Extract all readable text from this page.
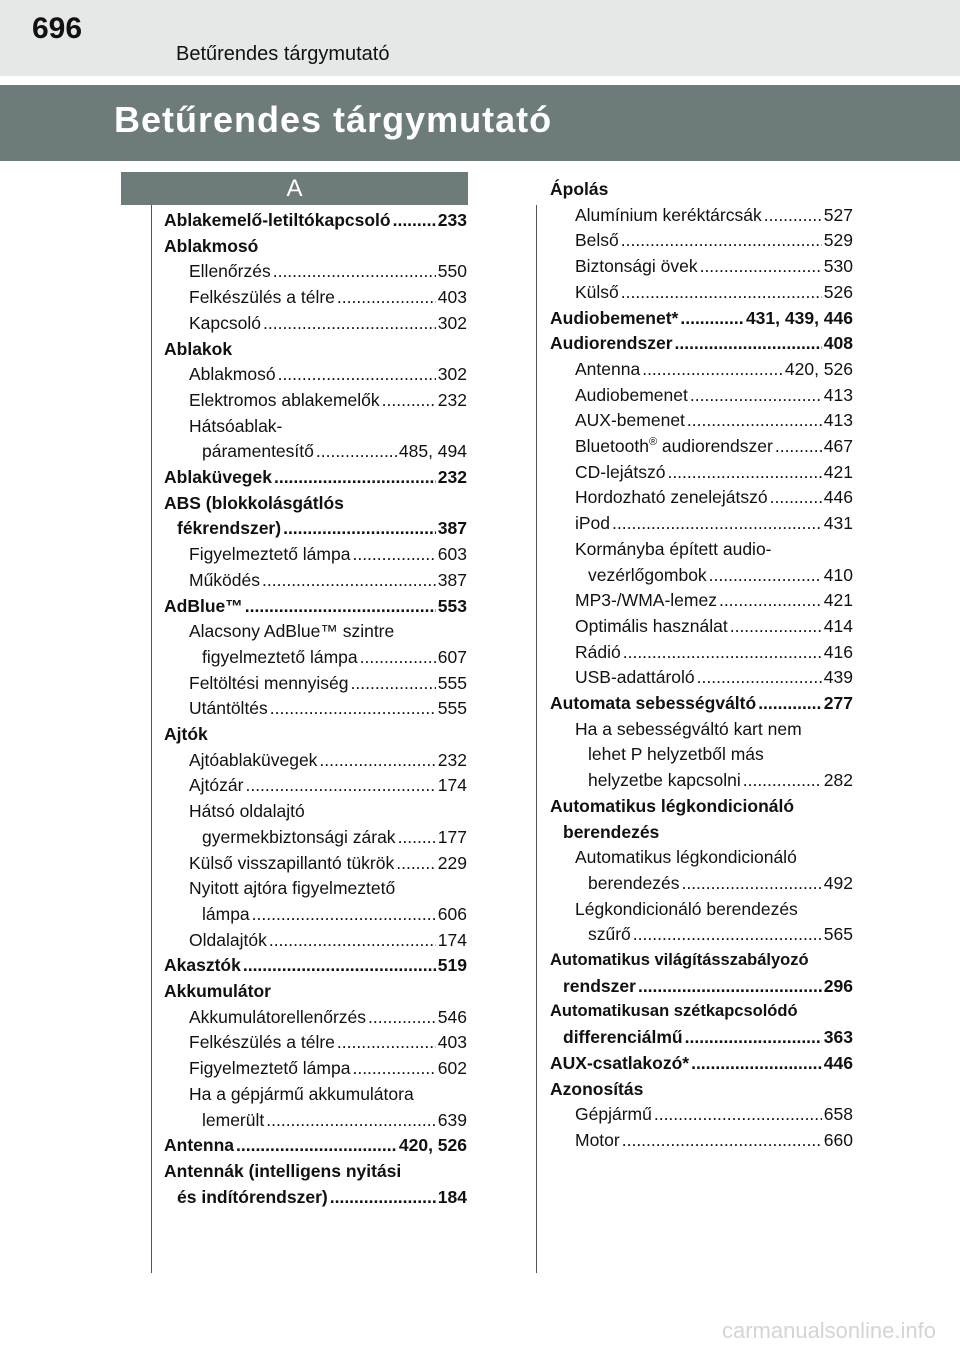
696
Betűrendes tárgymutató
Betűrendes tárgymutató
A
Ablakemelő-letiltókapcsoló .....	233
Ablakmosó
Ellenőrzés .....	550
Felkészülés a télre .....	403
Kapcsoló .....	302
Ablakok
Ablakmosó .....	302
Elektromos ablakemelők .....	232
Hátsóablak-
páramentesítő .....	485, 494
Ablaküvegek .....	232
ABS (blokkolásgátlós
fékrendszer) .....	387
Figyelmeztető lámpa .....	603
Működés .....	387
AdBlue™ .....	553
Alacsony AdBlue™ szintre
figyelmeztető lámpa .....	607
Feltöltési mennyiség .....	555
Utántöltés .....	555
Ajtók
Ajtóablaküvegek .....	232
Ajtózár .....	174
Hátsó oldalajtó
gyermekbiztonsági zárak ..... 177
Külső visszapillantó tükrök ..... 229
Nyitott ajtóra figyelmeztető
lámpa .....	606
Oldalajtók .....	174
Akasztók .....	519
Akkumulátor
Akkumulátorellenőrzés .....	546
Felkészülés a télre .....	403
Figyelmeztető lámpa .....	602
Ha a gépjármű akkumulátora
lemerült .....	639
Antenna .....	420, 526
Antennák (intelligens nyitási
és indítórendszer) .....	184
Ápolás
Alumínium keréktárcsák .....	527
Belső .....	529
Biztonsági övek .....	530
Külső .....	526
Audiobemenet* .....	431, 439, 446
Audiorendszer .....	408
Antenna .....	420, 526
Audiobemenet .....	413
AUX-bemenet .....	413
Bluetooth® audiorendszer .....	467
CD-lejátszó .....	421
Hordozható zenelejátszó .....	446
iPod .....	431
Kormányba épített audio-
vezérlőgombok .....	410
MP3-/WMA-lemez .....	421
Optimális használat .....	414
Rádió .....	416
USB-adattároló .....	439
Automata sebességváltó .....	277
Ha a sebességváltó kart nem
lehet P helyzetből más
helyzetbe kapcsolni .....	282
Automatikus légkondicionáló
berendezés
Automatikus légkondicionáló
berendezés .....	492
Légkondicionáló berendezés
szűrő .....	565
Automatikus világításszabályozó
rendszer .....	296
Automatikusan szétkapcsolódó
differenciálmű .....	363
AUX-csatlakozó* .....	446
Azonosítás
Gépjármű .....	658
Motor .....	660
carmanualsonline.info
